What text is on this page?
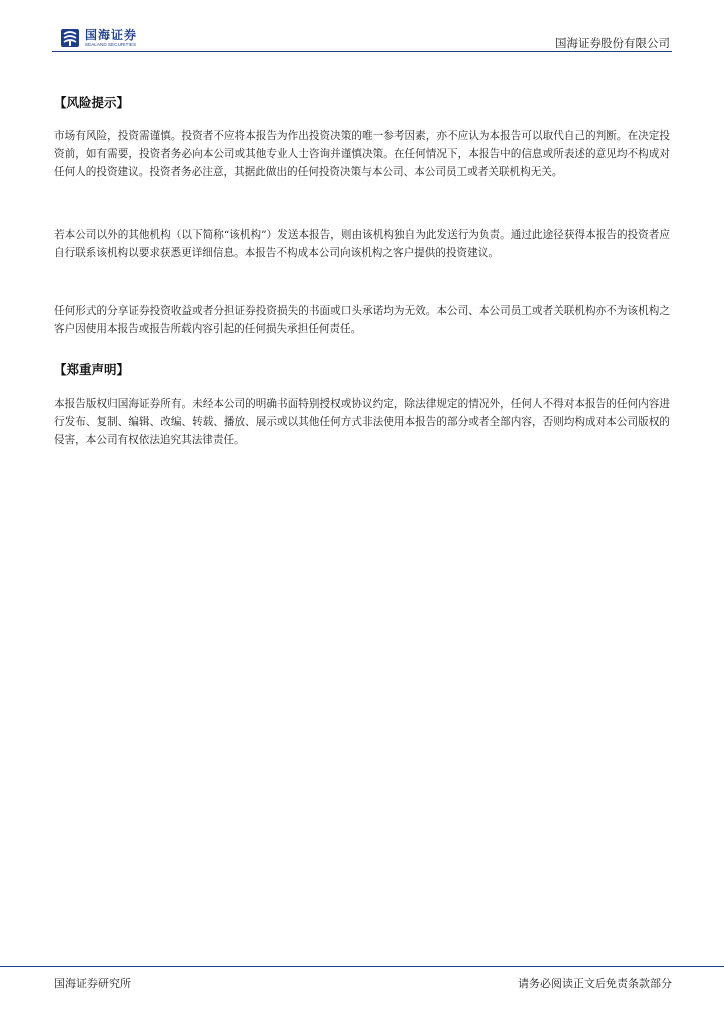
国海证券
SEALAND SECURITIES	国海证券股份有限公司
【风险提示】

市场有风险，投资需谨慎。投资者不应将本报告为作出投资决策的唯一参考因素，亦不应认为本报告可以取代自己的判断。在决定投资前，如有需要，投资者务必向本公司或其他专业人士咨询并谨慎决策。在任何情况下，本报告中的信息或所表述的意见均不构成对任何人的投资建议。投资者务必注意，其据此做出的任何投资决策与本公司、本公司员工或者关联机构无关。

若本公司以外的其他机构（以下简称“该机构”）发送本报告，则由该机构独自为此发送行为负责。通过此途径获得本报告的投资者应自行联系该机构以要求获悉更详细信息。本报告不构成本公司向该机构之客户提供的投资建议。

任何形式的分享证券投资收益或者分担证券投资损失的书面或口头承诺均为无效。本公司、本公司员工或者关联机构亦不为该机构之客户因使用本报告或报告所载内容引起的任何损失承担任何责任。

【郑重声明】

本报告版权归国海证券所有。未经本公司的明确书面特别授权或协议约定，除法律规定的情况外，任何人不得对本报告的任何内容进行发布、复制、编辑、改编、转载、播放、展示或以其他任何方式非法使用本报告的部分或者全部内容，否则均构成对本公司版权的侵害，本公司有权依法追究其法律责任。

国海证券研究所	请务必阅读正文后免责条款部分
